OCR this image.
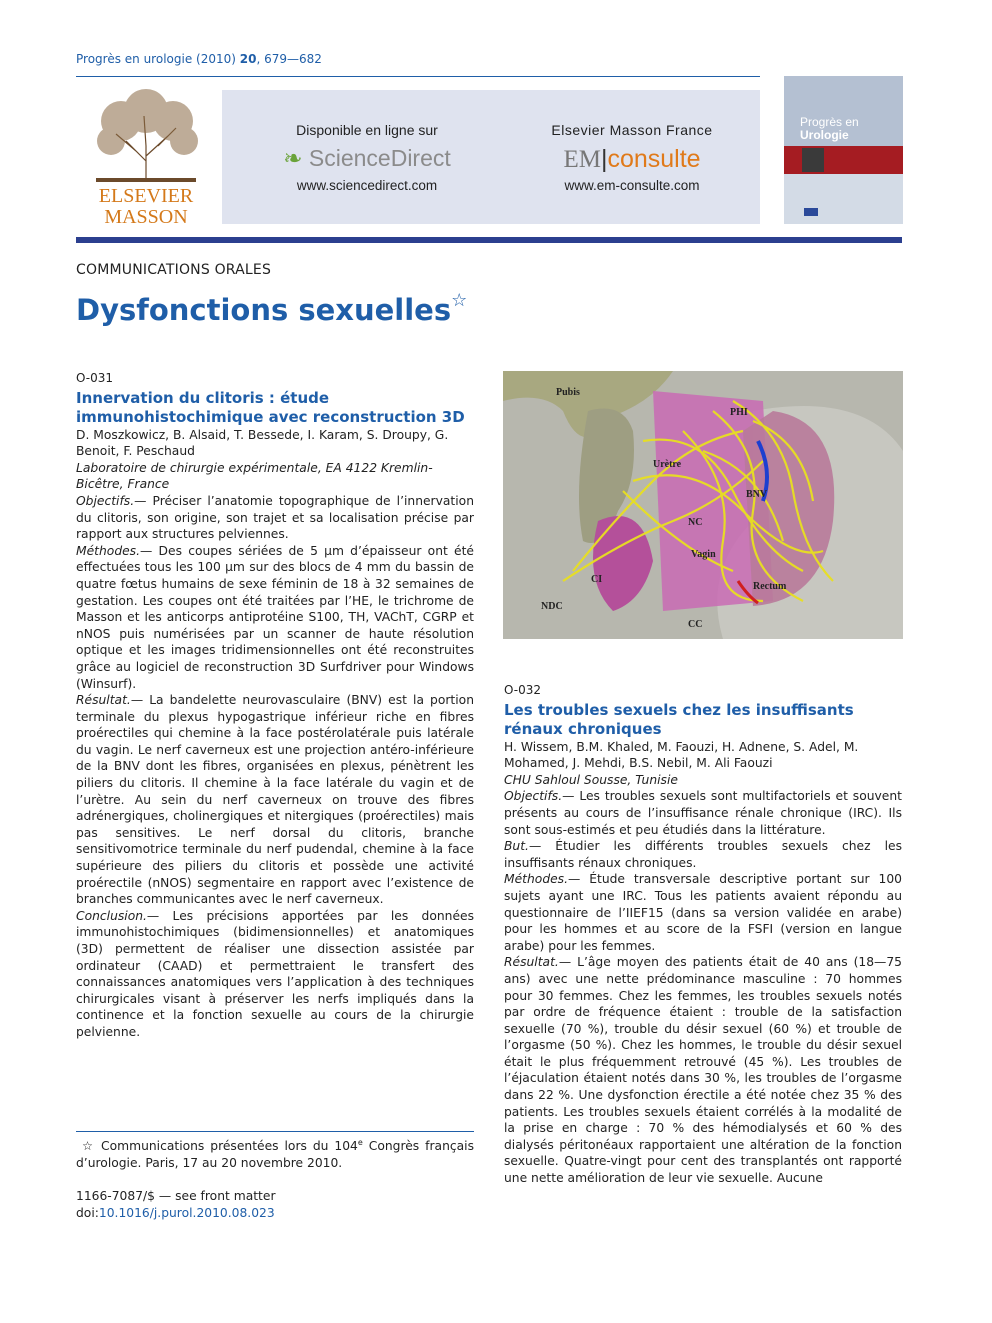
Progrès en urologie (2010) 20, 679—682
ELSEVIER
MASSON
Disponible en ligne sur
❧ ScienceDirect
www.sciencedirect.com
Elsevier Masson France
EM|consulte
www.em-consulte.com
Progrès en
Urologie
COMMUNICATIONS ORALES
Dysfonctions sexuelles☆
O-031
Innervation du clitoris : étude immunohistochimique avec reconstruction 3D

D. Moszkowicz, B. Alsaid, T. Bessede, I. Karam, S. Droupy, G. Benoit, F. Peschaud

Laboratoire de chirurgie expérimentale, EA 4122 Kremlin-Bicêtre, France

Objectifs.— Préciser l’anatomie topographique de l’innervation du clitoris, son origine, son trajet et sa localisation précise par rapport aux structures pelviennes.

Méthodes.— Des coupes sériées de 5 µm d’épaisseur ont été effectuées tous les 100 µm sur des blocs de 4 mm du bassin de quatre fœtus humains de sexe féminin de 18 à 32 semaines de gestation. Les coupes ont été traitées par l’HE, le trichrome de Masson et les anticorps antiprotéine S100, TH, VAChT, CGRP et nNOS puis numérisées par un scanner de haute résolution optique et les images tridimensionnelles ont été reconstruites grâce au logiciel de reconstruction 3D Surfdriver pour Windows (Winsurf).

Résultat.— La bandelette neurovasculaire (BNV) est la portion terminale du plexus hypogastrique inférieur riche en fibres proérectiles qui chemine à la face postérolatérale puis latérale du vagin. Le nerf caverneux est une projection antéro-inférieure de la BNV dont les fibres, organisées en plexus, pénètrent les piliers du clitoris. Il chemine à la face latérale du vagin et de l’urètre. Au sein du nerf caverneux on trouve des fibres adrénergiques, cholinergiques et nitergiques (proérectiles) mais pas sensitives. Le nerf dorsal du clitoris, branche sensitivomotrice terminale du nerf pudendal, chemine à la face supérieure des piliers du clitoris et possède une activité proérectile (nNOS) segmentaire en rapport avec l’existence de branches communicantes avec le nerf caverneux.

Conclusion.— Les précisions apportées par les données immunohistochimiques (bidimensionnelles) et anatomiques (3D) permettent de réaliser une dissection assistée par ordinateur (CAAD) et permettraient le transfert des connaissances anatomiques vers l’application à des techniques chirurgicales visant à préserver les nerfs impliqués dans la continence et la fonction sexuelle au cours de la chirurgie pelvienne.

Pubis
PHI
Urètre
BNV
NC
Vagin
CI
NDC
Rectum
CC
O-032
Les troubles sexuels chez les insuffisants rénaux chroniques

H. Wissem, B.M. Khaled, M. Faouzi, H. Adnene, S. Adel, M. Mohamed, J. Mehdi, B.S. Nebil, M. Ali Faouzi

CHU Sahloul Sousse, Tunisie

Objectifs.— Les troubles sexuels sont multifactoriels et souvent présents au cours de l’insuffisance rénale chronique (IRC). Ils sont sous-estimés et peu étudiés dans la littérature.

But.— Étudier les différents troubles sexuels chez les insuffisants rénaux chroniques.

Méthodes.— Étude transversale descriptive portant sur 100 sujets ayant une IRC. Tous les patients avaient répondu au questionnaire de l’IIEF15 (dans sa version validée en arabe) pour les hommes et au score de la FSFI (version en langue arabe) pour les femmes.

Résultat.— L’âge moyen des patients était de 40 ans (18—75 ans) avec une nette prédominance masculine : 70 hommes pour 30 femmes. Chez les femmes, les troubles sexuels notés par ordre de fréquence étaient : trouble de la satisfaction sexuelle (70 %), trouble du désir sexuel (60 %) et trouble de l’orgasme (50 %). Chez les hommes, le trouble du désir sexuel était le plus fréquemment retrouvé (45 %). Les troubles de l’éjaculation étaient notés dans 30 %, les troubles de l’orgasme dans 22 %. Une dysfonction érectile a été notée chez 35 % des patients. Les troubles sexuels étaient corrélés à la modalité de la prise en charge : 70 % des hémodialysés et 60 % des dialysés péritonéaux rapportaient une altération de la fonction sexuelle. Quatre-vingt pour cent des transplantés ont rapporté une nette amélioration de leur vie sexuelle. Aucune

☆ Communications présentées lors du 104e Congrès français d’urologie. Paris, 17 au 20 novembre 2010.
1166-7087/$ — see front matter
doi:10.1016/j.purol.2010.08.023
